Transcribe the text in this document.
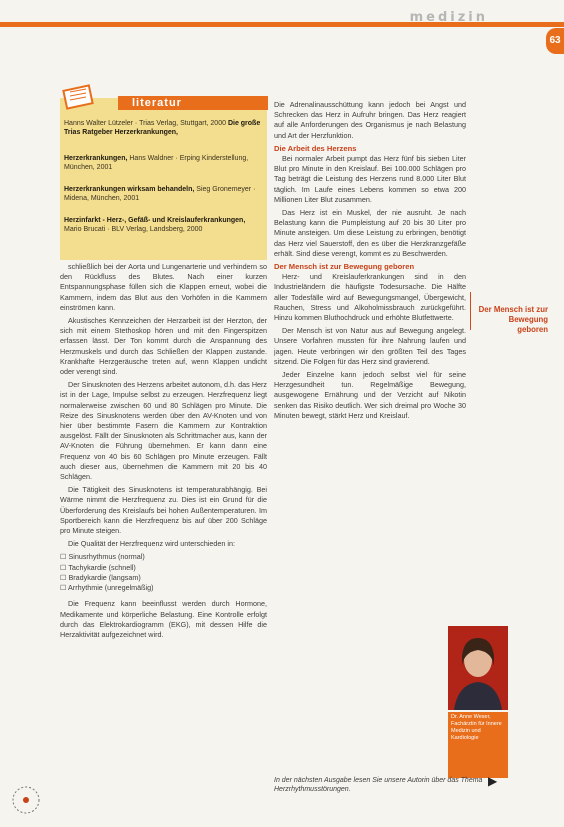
medizin
63
literatur
Hanns Walter Lützeler · Trias Verlag, Stuttgart, 2000 Die große Trias Ratgeber Herzerkrankungen,
Herzerkrankungen, Hans Waldner · Erping Kinderstellung, München, 2001
Herzerkrankungen wirksam behandeln, Sieg Gronemeyer · Midena, München, 2001
Herzinfarkt - Herz-, Gefäß- und Kreislauferkrankungen, Mario Brucati · BLV Verlag, Landsberg, 2000

schließlich bei der Aorta und Lungenarterie und verhindern so den Rückfluss des Blutes. Nach einer kurzen Entspannungsphase füllen sich die Klappen erneut, wobei die Kammern, indem das Blut aus den Vorhöfen in die Kammern einströmen kann.

Akustisches Kennzeichen der Herzarbeit ist der Herzton, der sich mit einem Stethoskop hören und mit den Fingerspitzen erfassen lässt. Der Ton kommt durch die Anspannung des Herzmuskels und durch das Schließen der Klappen zustande. Krankhafte Herzgeräusche treten auf, wenn Klappen undicht oder verengt sind.

Der Sinusknoten des Herzens arbeitet autonom, d.h. das Herz ist in der Lage, Impulse selbst zu erzeugen. Herzfrequenz liegt normalerweise zwischen 60 und 80 Schlägen pro Minute. Die Reize des Sinusknotens werden über den AV-Knoten und von hier über bestimmte Fasern die Kammern zur Kontraktion ausgelöst. Fällt der Sinusknoten als Schrittmacher aus, kann der AV-Knoten die Führung übernehmen. Er kann dann eine Frequenz von 40 bis 60 Schlägen pro Minute erzeugen. Fällt auch dieser aus, übernehmen die Kammern mit 20 bis 40 Schlägen.

Die Tätigkeit des Sinusknotens ist temperaturabhängig. Bei Wärme nimmt die Herzfrequenz zu. Dies ist ein Grund für die Überforderung des Kreislaufs bei hohen Außentemperaturen. Im Sportbereich kann die Herzfrequenz bis auf über 200 Schläge pro Minute steigen.

Die Qualität der Herzfrequenz wird unterschieden in:

☐ Sinusrhythmus (normal)
☐ Tachykardie (schnell)
☐ Bradykardie (langsam)
☐ Arrhythmie (unregelmäßig)

Die Frequenz kann beeinflusst werden durch Hormone, Medikamente und körperliche Belastung. Eine Kontrolle erfolgt durch das Elektrokardiogramm (EKG), mit dessen Hilfe die Herzaktivität aufgezeichnet wird.

Die Adrenalinausschüttung kann jedoch bei Angst und Schrecken das Herz in Aufruhr bringen. Das Herz reagiert auf alle Anforderungen des Organismus je nach Belastung und Art der Herzfunktion.

Die Arbeit des Herzens

Bei normaler Arbeit pumpt das Herz fünf bis sieben Liter Blut pro Minute in den Kreislauf. Bei 100.000 Schlägen pro Tag beträgt die Leistung des Herzens rund 8.000 Liter Blut täglich. Im Laufe eines Lebens kommen so etwa 200 Millionen Liter Blut zusammen.

Das Herz ist ein Muskel, der nie ausruht. Je nach Belastung kann die Pumpleistung auf 20 bis 30 Liter pro Minute ansteigen. Um diese Leistung zu erbringen, benötigt das Herz viel Sauerstoff, den es über die Herzkranzgefäße erhält. Sind diese verengt, kommt es zu Beschwerden.

Der Mensch ist zur Bewegung geboren

Herz- und Kreislauferkrankungen sind in den Industrieländern die häufigste Todesursache. Die Hälfte aller Todesfälle wird auf Bewegungsmangel, Übergewicht, Rauchen, Stress und Alkoholmissbrauch zurückgeführt. Hinzu kommen Bluthochdruck und erhöhte Blutfettwerte.

Der Mensch ist von Natur aus auf Bewegung angelegt. Unsere Vorfahren mussten für ihre Nahrung laufen und jagen. Heute verbringen wir den größten Teil des Tages sitzend. Die Folgen für das Herz sind gravierend.

Jeder Einzelne kann jedoch selbst viel für seine Herzgesundheit tun. Regelmäßige Bewegung, ausgewogene Ernährung und der Verzicht auf Nikotin senken das Risiko deutlich. Wer sich dreimal pro Woche 30 Minuten bewegt, stärkt Herz und Kreislauf.

Der Mensch ist zur Bewegung geboren
Dr. Anne Weser, Fachärztin für Innere Medizin und Kardiologie
In der nächsten Ausgabe lesen Sie unsere Autorin über das Thema Herzrhythmusstörungen.
▶
